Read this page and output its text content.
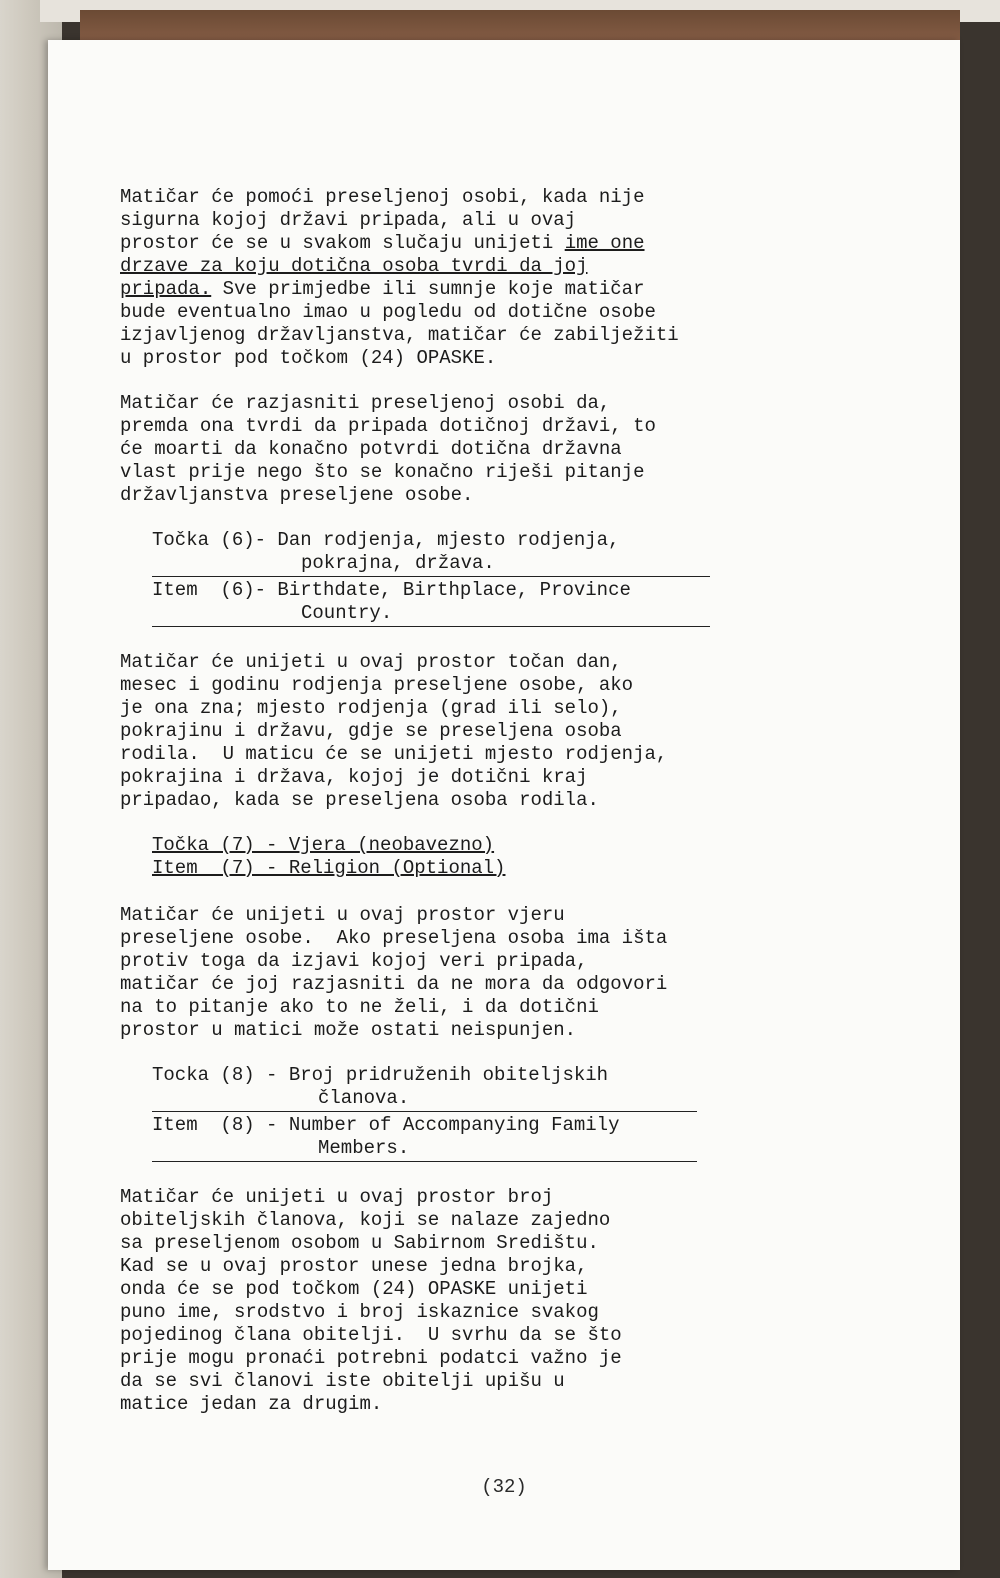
Matičar će pomoći preseljenoj osobi, kada nije
sigurna kojoj državi pripada, ali u ovaj
prostor će se u svakom slučaju unijeti ime one
drzave za koju dotična osoba tvrdi da joj
pripada. Sve primjedbe ili sumnje koje matičar
bude eventualno imao u pogledu od dotične osobe
izjavljenog državljanstva, matičar će zabilježiti
u prostor pod točkom (24) OPASKE.
Matičar će razjasniti preseljenoj osobi da,
premda ona tvrdi da pripada dotičnoj državi, to
će moarti da konačno potvrdi dotična državna
vlast prije nego što se konačno riješi pitanje
državljanstva preseljene osobe.
Točka (6)- Dan rodjenja, mjesto rodjenja,
pokrajna, država.
Item  (6)- Birthdate, Birthplace, Province
Country.
Matičar će unijeti u ovaj prostor točan dan,
mesec i godinu rodjenja preseljene osobe, ako
je ona zna; mjesto rodjenja (grad ili selo),
pokrajinu i državu, gdje se preseljena osoba
rodila.  U maticu će se unijeti mjesto rodjenja,
pokrajina i država, kojoj je dotični kraj
pripadao, kada se preseljena osoba rodila.
Točka (7) - Vjera (neobavezno)
Item  (7) - Religion (Optional)
Matičar će unijeti u ovaj prostor vjeru
preseljene osobe.  Ako preseljena osoba ima išta
protiv toga da izjavi kojoj veri pripada,
matičar će joj razjasniti da ne mora da odgovori
na to pitanje ako to ne želi, i da dotični
prostor u matici može ostati neispunjen.
Tocka (8) - Broj pridruženih obiteljskih
članova.
Item  (8) - Number of Accompanying Family
Members.
Matičar će unijeti u ovaj prostor broj
obiteljskih članova, koji se nalaze zajedno
sa preseljenom osobom u Sabirnom Središtu.
Kad se u ovaj prostor unese jedna brojka,
onda će se pod točkom (24) OPASKE unijeti
puno ime, srodstvo i broj iskaznice svakog
pojedinog člana obitelji.  U svrhu da se što
prije mogu pronaći potrebni podatci važno je
da se svi članovi iste obitelji upišu u
matice jedan za drugim.
(32)
